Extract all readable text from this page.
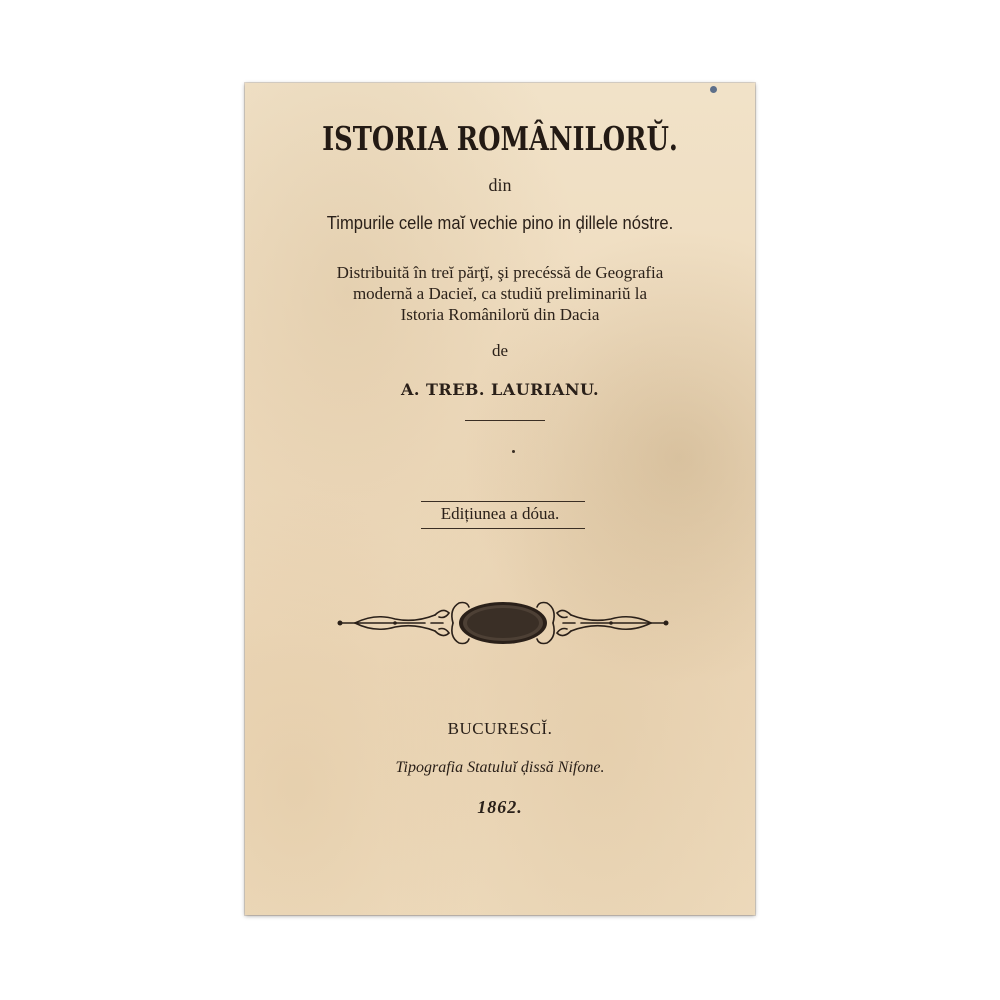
ISTORIA ROMÂNILORŬ.
din
Timpurile celle maĭ vechie pino in ḑillele nóstre.
Distribuită în treĭ părţĭ, şi precéssă de Geografia
modernă a Dacieĭ, ca studiŭ preliminariŭ la
Istoria Românilorŭ din Dacia
de
A. TREB. LAURIANU.
Edițiunea a dóua.
BUCURESCĬ.
Tipografia Statuluĭ ḑissă Nifone.
1862.
